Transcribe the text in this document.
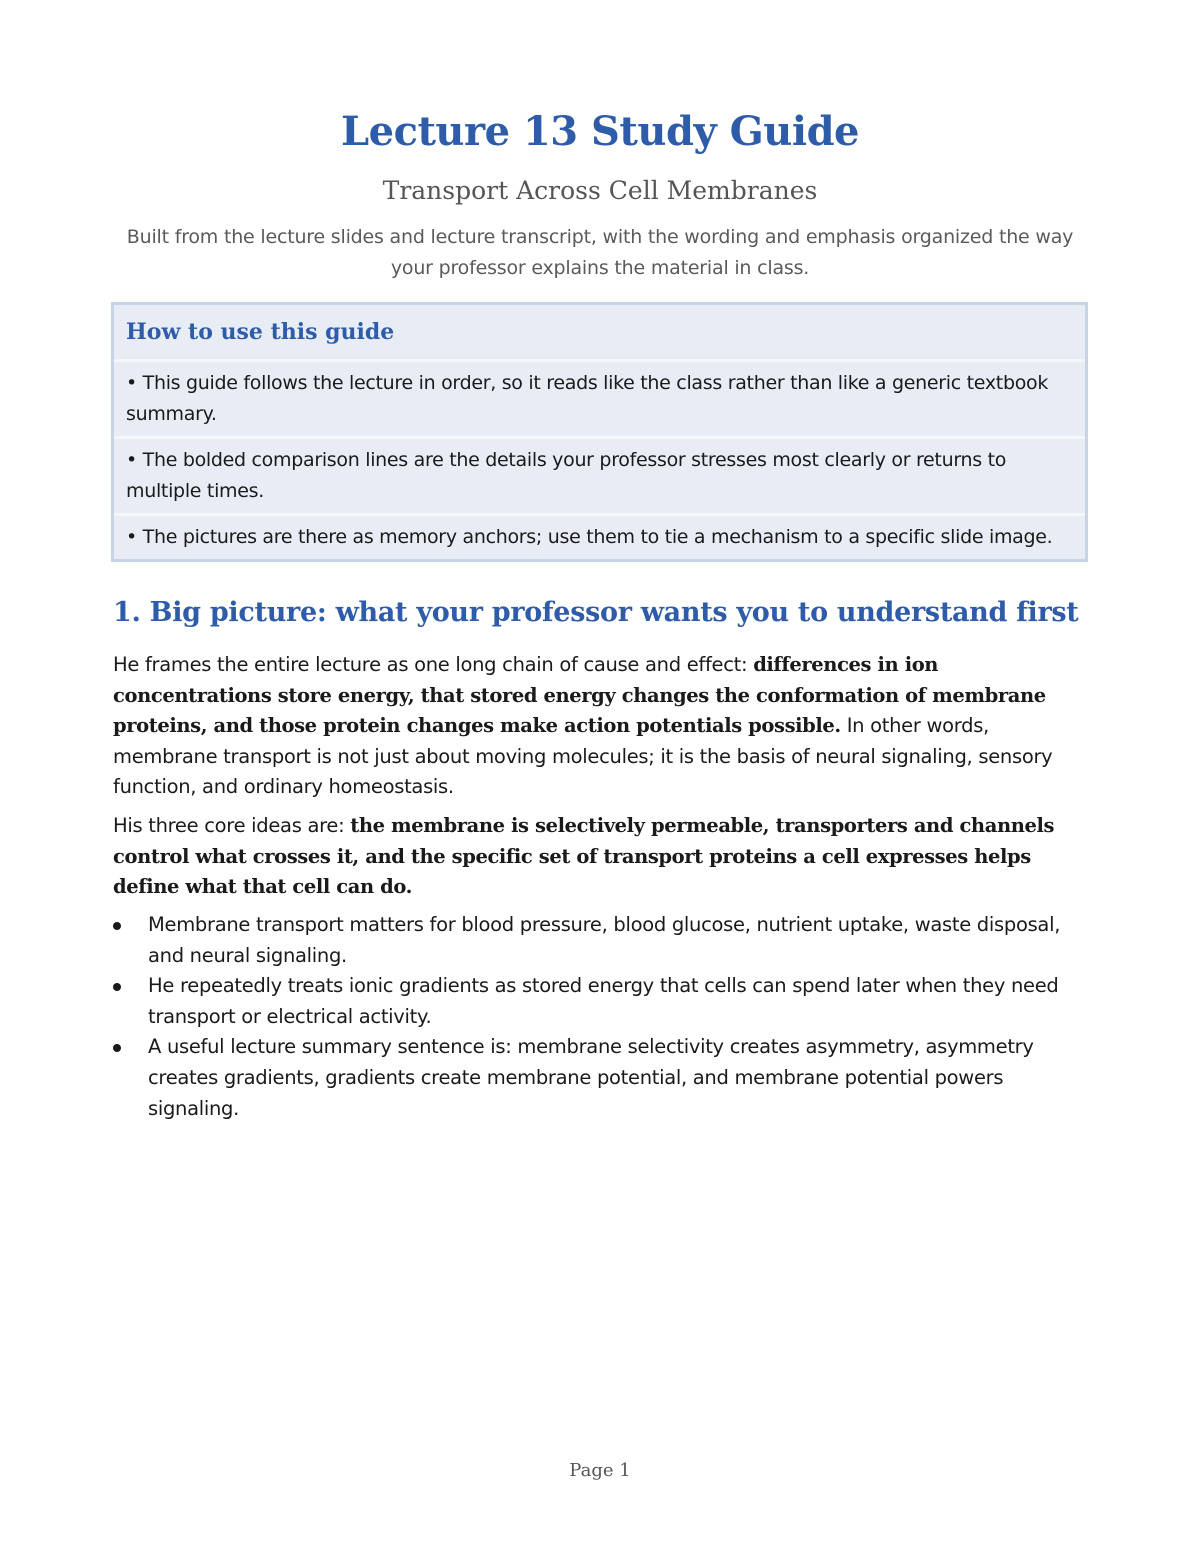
Lecture 13 Study Guide
Transport Across Cell Membranes

Built from the lecture slides and lecture transcript, with the wording and emphasis organized the way your professor explains the material in class.

How to use this guide
• This guide follows the lecture in order, so it reads like the class rather than like a generic textbook summary.
• The bolded comparison lines are the details your professor stresses most clearly or returns to multiple times.
• The pictures are there as memory anchors; use them to tie a mechanism to a specific slide image.
1. Big picture: what your professor wants you to understand first

He frames the entire lecture as one long chain of cause and effect: differences in ion concentrations store energy, that stored energy changes the conformation of membrane proteins, and those protein changes make action potentials possible. In other words, membrane transport is not just about moving molecules; it is the basis of neural signaling, sensory function, and ordinary homeostasis.

His three core ideas are: the membrane is selectively permeable, transporters and channels control what crosses it, and the specific set of transport proteins a cell expresses helps define what that cell can do.

Membrane transport matters for blood pressure, blood glucose, nutrient uptake, waste disposal, and neural signaling.
He repeatedly treats ionic gradients as stored energy that cells can spend later when they need transport or electrical activity.
A useful lecture summary sentence is: membrane selectivity creates asymmetry, asymmetry creates gradients, gradients create membrane potential, and membrane potential powers signaling.
Page 1
